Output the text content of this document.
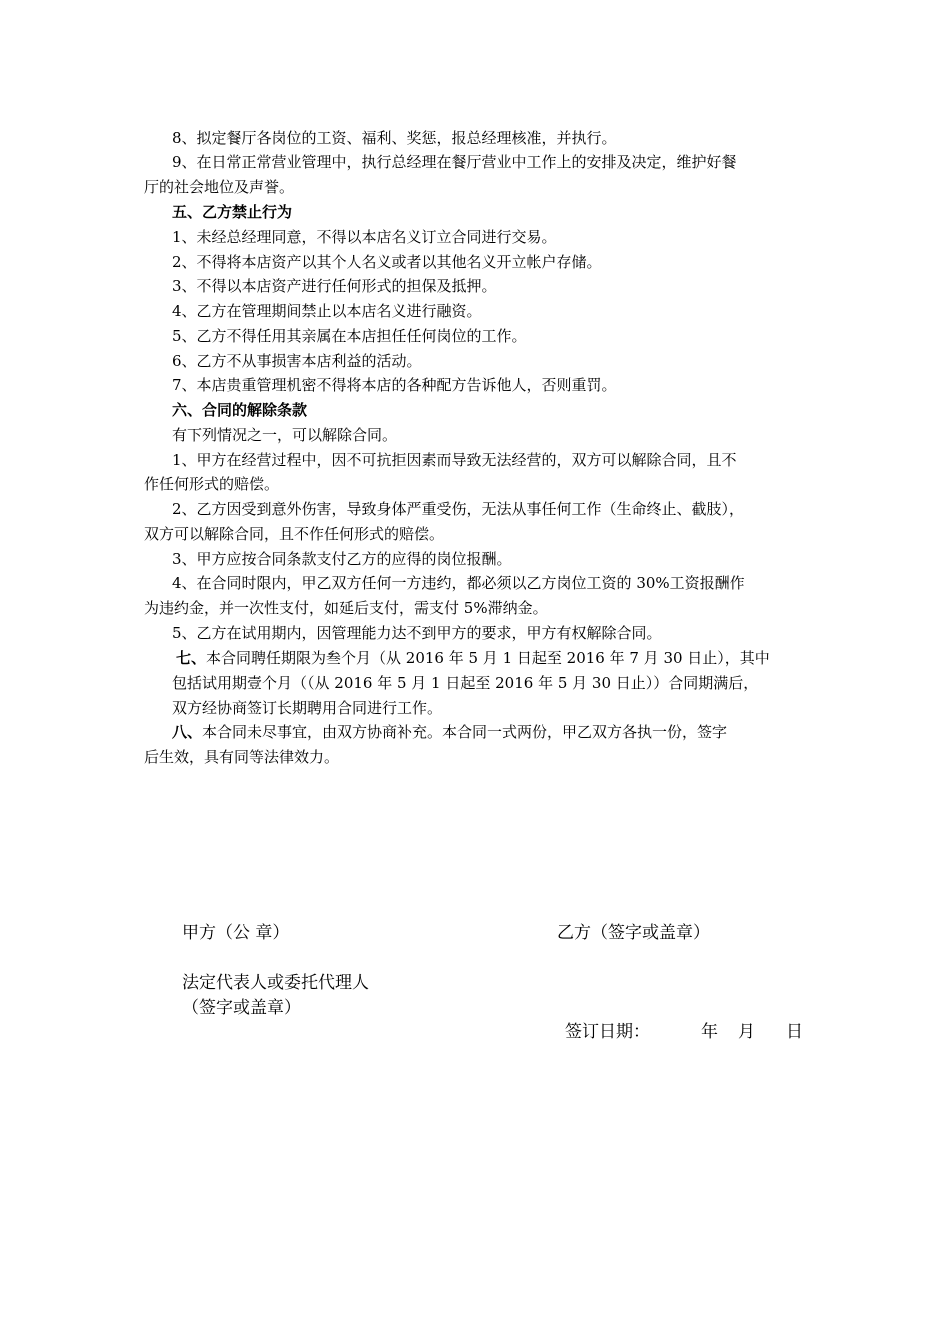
8、拟定餐厅各岗位的工资、福利、奖惩，报总经理核准，并执行。
9、在日常正常营业管理中，执行总经理在餐厅营业中工作上的安排及决定，维护好餐
厅的社会地位及声誉。
五、乙方禁止行为
1、未经总经理同意，不得以本店名义订立合同进行交易。
2、不得将本店资产以其个人名义或者以其他名义开立帐户存储。
3、不得以本店资产进行任何形式的担保及抵押。
4、乙方在管理期间禁止以本店名义进行融资。
5、乙方不得任用其亲属在本店担任任何岗位的工作。
6、乙方不从事损害本店利益的活动。
7、本店贵重管理机密不得将本店的各种配方告诉他人，否则重罚。
六、合同的解除条款
有下列情况之一，可以解除合同。
1、甲方在经营过程中，因不可抗拒因素而导致无法经营的，双方可以解除合同，且不
作任何形式的赔偿。
2、乙方因受到意外伤害，导致身体严重受伤，无法从事任何工作（生命终止、截肢），
双方可以解除合同，且不作任何形式的赔偿。
3、甲方应按合同条款支付乙方的应得的岗位报酬。
4、在合同时限内，甲乙双方任何一方违约，都必须以乙方岗位工资的 30%工资报酬作
为违约金，并一次性支付，如延后支付，需支付 5%滞纳金。
5、乙方在试用期内，因管理能力达不到甲方的要求，甲方有权解除合同。
七、本合同聘任期限为叁个月（从 2016 年 5 月 1 日起至 2016 年 7 月 30 日止），其中
包括试用期壹个月（（从 2016 年 5 月 1 日起至 2016 年 5 月 30 日止））合同期满后，
双方经协商签订长期聘用合同进行工作。
八、本合同未尽事宜，由双方协商补充。本合同一式两份，甲乙双方各执一份，签字
后生效，具有同等法律效力。
甲方（公 章）	乙方（签字或盖章）
法定代表人或委托代理人
（签字或盖章）
签订日期：	年 月 日
